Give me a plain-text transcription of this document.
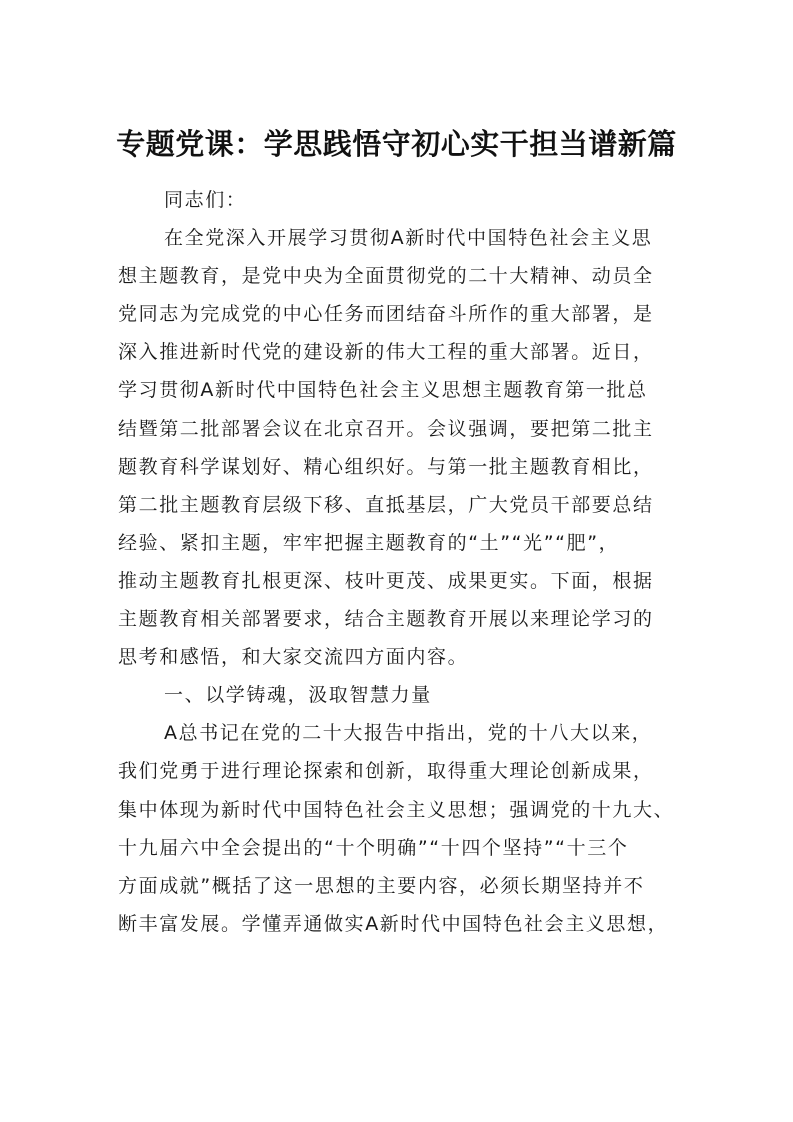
专题党课：学思践悟守初心实干担当谱新篇
同志们：
在全党深入开展学习贯彻A新时代中国特色社会主义思
想主题教育，是党中央为全面贯彻党的二十大精神、动员全
党同志为完成党的中心任务而团结奋斗所作的重大部署，是
深入推进新时代党的建设新的伟大工程的重大部署。近日，
学习贯彻A新时代中国特色社会主义思想主题教育第一批总
结暨第二批部署会议在北京召开。会议强调，要把第二批主
题教育科学谋划好、精心组织好。与第一批主题教育相比，
第二批主题教育层级下移、直抵基层，广大党员干部要总结
经验、紧扣主题，牢牢把握主题教育的“土”“光”“肥”，
推动主题教育扎根更深、枝叶更茂、成果更实。下面，根据
主题教育相关部署要求，结合主题教育开展以来理论学习的
思考和感悟，和大家交流四方面内容。
一、以学铸魂，汲取智慧力量
A总书记在党的二十大报告中指出，党的十八大以来，
我们党勇于进行理论探索和创新，取得重大理论创新成果，
集中体现为新时代中国特色社会主义思想；强调党的十九大、
十九届六中全会提出的“十个明确”“十四个坚持”“十三个
方面成就”概括了这一思想的主要内容，必须长期坚持并不
断丰富发展。学懂弄通做实A新时代中国特色社会主义思想，
